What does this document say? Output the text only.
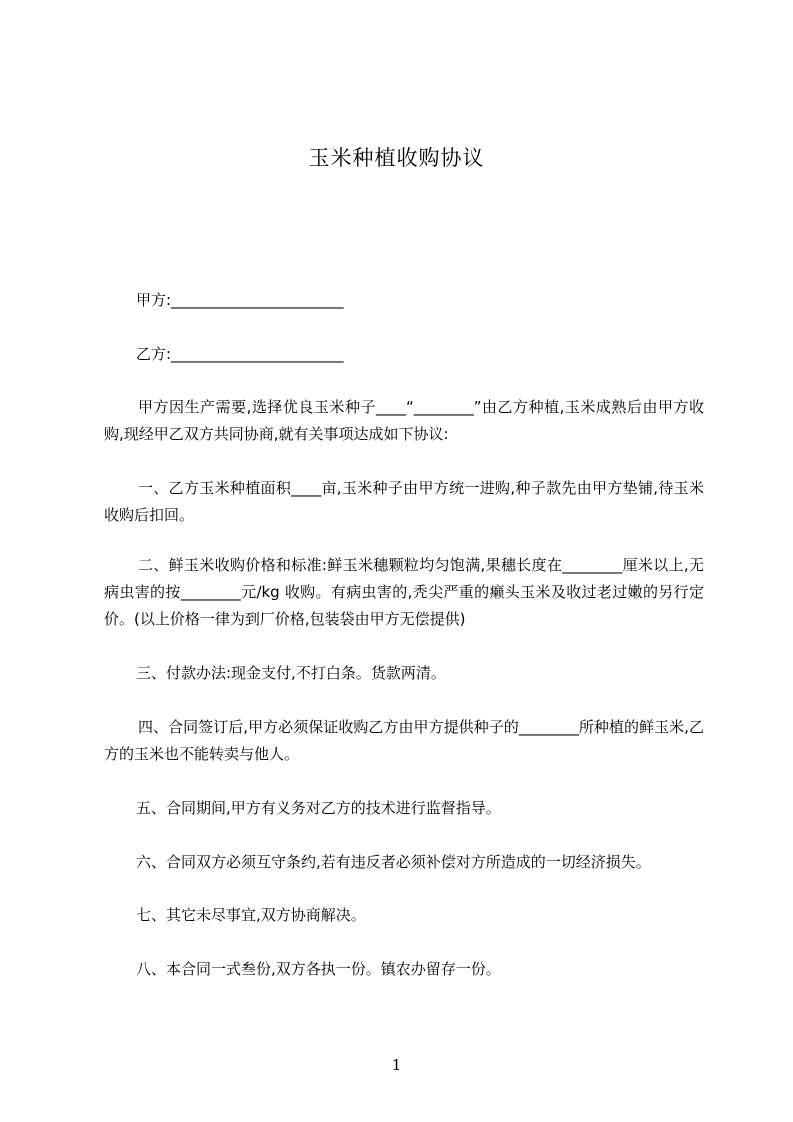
玉米种植收购协议
甲方:_______________________
乙方:_______________________
甲方因生产需要,选择优良玉米种子____“________”由乙方种植,玉米成熟后由甲方收购,现经甲乙双方共同协商,就有关事项达成如下协议:
一、乙方玉米种植面积____亩,玉米种子由甲方统一进购,种子款先由甲方垫铺,待玉米收购后扣回。
二、鲜玉米收购价格和标准:鲜玉米穗颗粒均匀饱满,果穗长度在________厘米以上,无病虫害的按________元/kg 收购。有病虫害的,秃尖严重的癞头玉米及收过老过嫩的另行定价。(以上价格一律为到厂价格,包装袋由甲方无偿提供)
三、付款办法:现金支付,不打白条。货款两清。
四、合同签订后,甲方必须保证收购乙方由甲方提供种子的________所种植的鲜玉米,乙方的玉米也不能转卖与他人。
五、合同期间,甲方有义务对乙方的技术进行监督指导。
六、合同双方必须互守条约,若有违反者必须补偿对方所造成的一切经济损失。
七、其它未尽事宜,双方协商解决。
八、本合同一式叁份,双方各执一份。镇农办留存一份。
1
